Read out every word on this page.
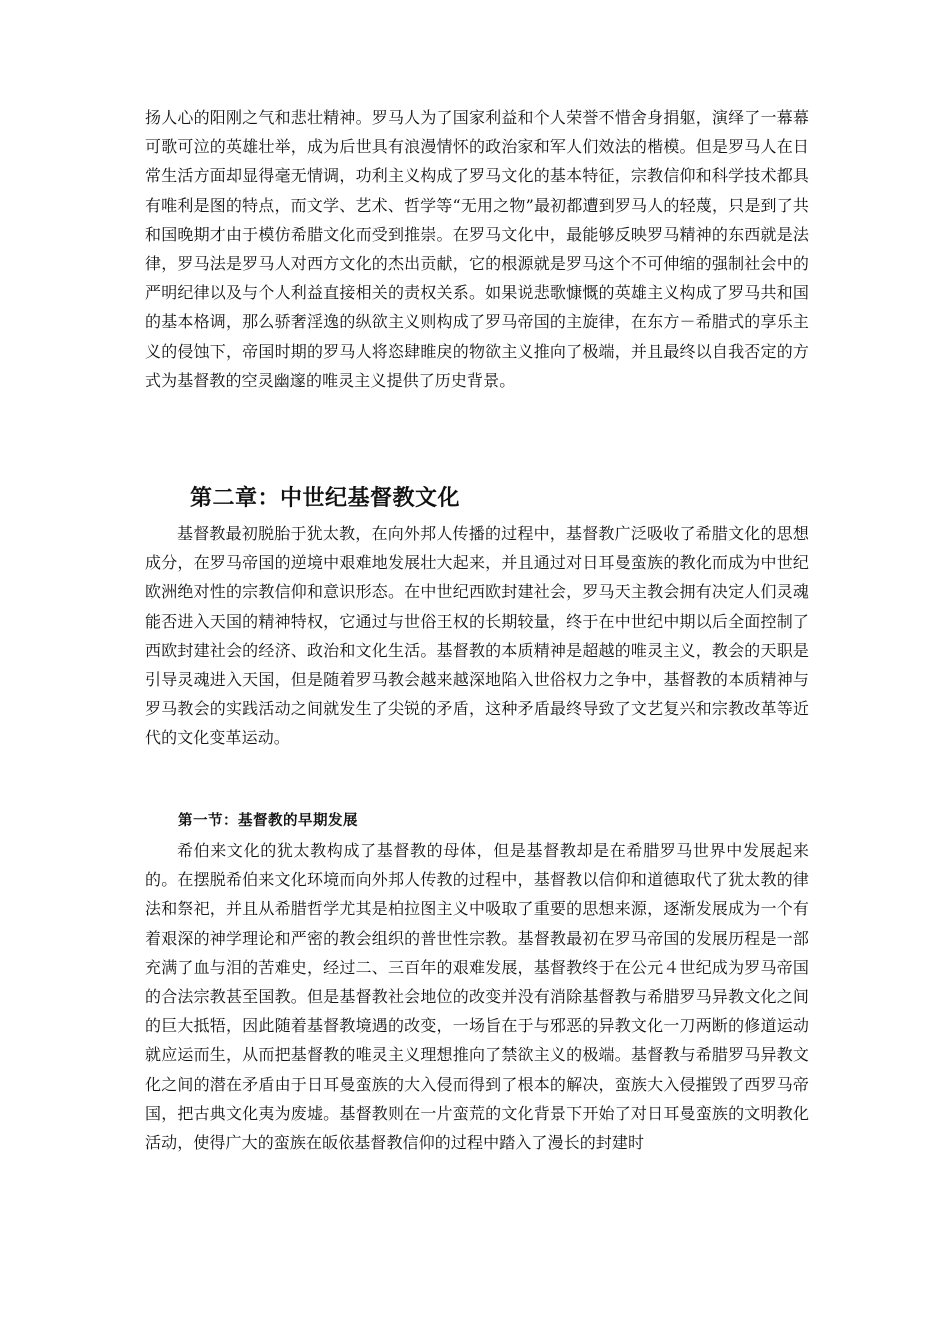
扬人心的阳刚之气和悲壮精神。罗马人为了国家利益和个人荣誉不惜舍身捐躯，演绎了一幕幕可歌可泣的英雄壮举，成为后世具有浪漫情怀的政治家和军人们效法的楷模。但是罗马人在日常生活方面却显得毫无情调，功利主义构成了罗马文化的基本特征，宗教信仰和科学技术都具有唯利是图的特点，而文学、艺术、哲学等“无用之物”最初都遭到罗马人的轻蔑，只是到了共和国晚期才由于模仿希腊文化而受到推崇。在罗马文化中，最能够反映罗马精神的东西就是法律，罗马法是罗马人对西方文化的杰出贡献，它的根源就是罗马这个不可伸缩的强制社会中的严明纪律以及与个人利益直接相关的责权关系。如果说悲歌慷慨的英雄主义构成了罗马共和国的基本格调，那么骄奢淫逸的纵欲主义则构成了罗马帝国的主旋律，在东方－希腊式的享乐主义的侵蚀下，帝国时期的罗马人将恣肆睢戾的物欲主义推向了极端，并且最终以自我否定的方式为基督教的空灵幽邃的唯灵主义提供了历史背景。

第二章：中世纪基督教文化

基督教最初脱胎于犹太教，在向外邦人传播的过程中，基督教广泛吸收了希腊文化的思想成分，在罗马帝国的逆境中艰难地发展壮大起来，并且通过对日耳曼蛮族的教化而成为中世纪欧洲绝对性的宗教信仰和意识形态。在中世纪西欧封建社会，罗马天主教会拥有决定人们灵魂能否进入天国的精神特权，它通过与世俗王权的长期较量，终于在中世纪中期以后全面控制了西欧封建社会的经济、政治和文化生活。基督教的本质精神是超越的唯灵主义，教会的天职是引导灵魂进入天国，但是随着罗马教会越来越深地陷入世俗权力之争中，基督教的本质精神与罗马教会的实践活动之间就发生了尖锐的矛盾，这种矛盾最终导致了文艺复兴和宗教改革等近代的文化变革运动。

第一节：基督教的早期发展

希伯来文化的犹太教构成了基督教的母体，但是基督教却是在希腊罗马世界中发展起来的。在摆脱希伯来文化环境而向外邦人传教的过程中，基督教以信仰和道德取代了犹太教的律法和祭祀，并且从希腊哲学尤其是柏拉图主义中吸取了重要的思想来源，逐渐发展成为一个有着艰深的神学理论和严密的教会组织的普世性宗教。基督教最初在罗马帝国的发展历程是一部充满了血与泪的苦难史，经过二、三百年的艰难发展，基督教终于在公元４世纪成为罗马帝国的合法宗教甚至国教。但是基督教社会地位的改变并没有消除基督教与希腊罗马异教文化之间的巨大抵牾，因此随着基督教境遇的改变，一场旨在于与邪恶的异教文化一刀两断的修道运动就应运而生，从而把基督教的唯灵主义理想推向了禁欲主义的极端。基督教与希腊罗马异教文化之间的潜在矛盾由于日耳曼蛮族的大入侵而得到了根本的解决，蛮族大入侵摧毁了西罗马帝国，把古典文化夷为废墟。基督教则在一片蛮荒的文化背景下开始了对日耳曼蛮族的文明教化活动，使得广大的蛮族在皈依基督教信仰的过程中踏入了漫长的封建时
